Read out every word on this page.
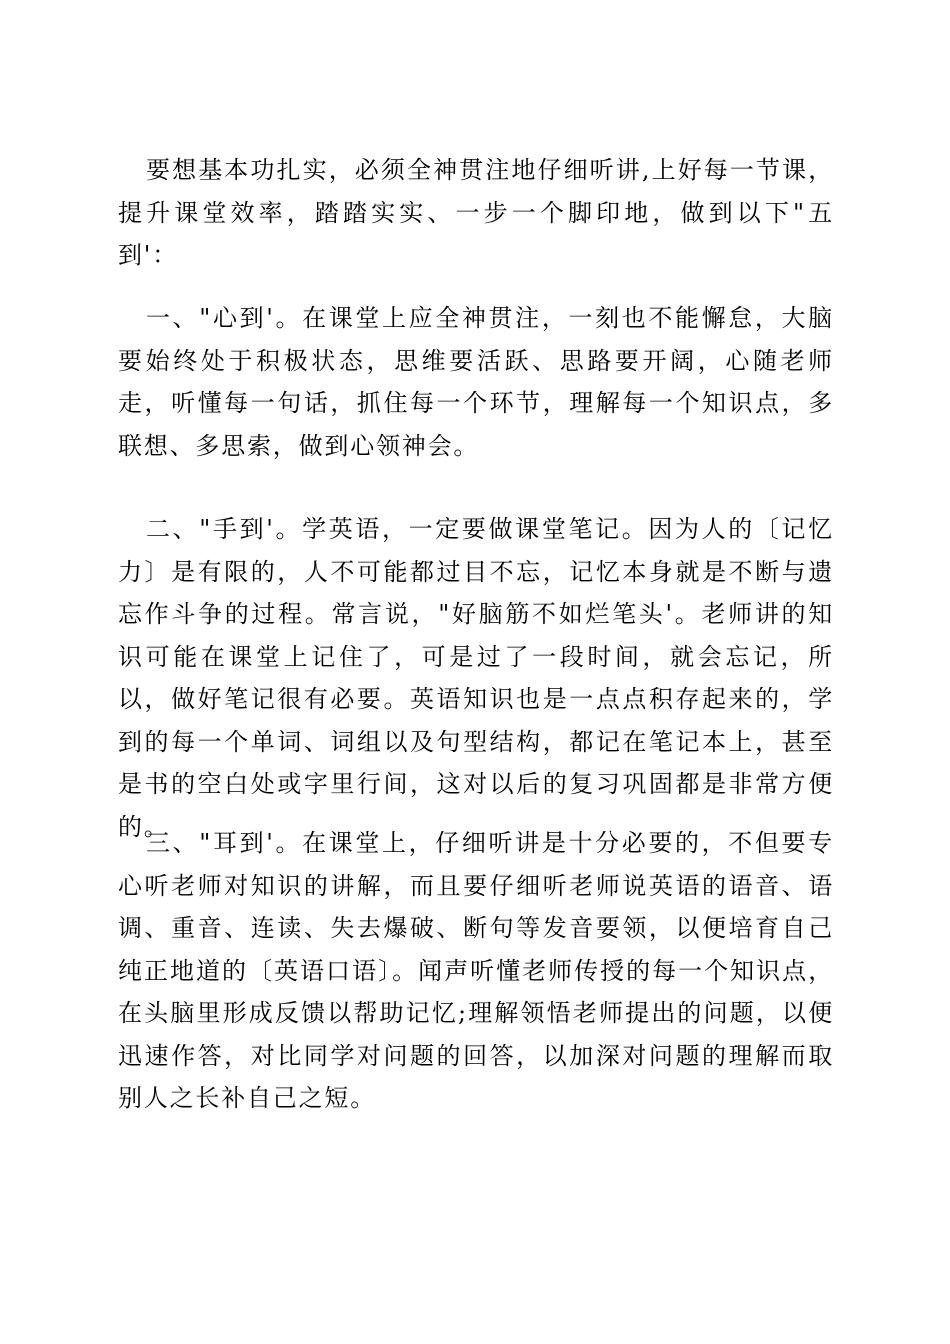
要想基本功扎实，必须全神贯注地仔细听讲,上好每一节课，提升课堂效率，踏踏实实、一步一个脚印地，做到以下"五到'：

一、"心到'。在课堂上应全神贯注，一刻也不能懈怠，大脑要始终处于积极状态，思维要活跃、思路要开阔，心随老师走，听懂每一句话，抓住每一个环节，理解每一个知识点，多联想、多思索，做到心领神会。

二、"手到'。学英语，一定要做课堂笔记。因为人的〔记忆力〕是有限的，人不可能都过目不忘，记忆本身就是不断与遗忘作斗争的过程。常言说，"好脑筋不如烂笔头'。老师讲的知识可能在课堂上记住了，可是过了一段时间，就会忘记，所以，做好笔记很有必要。英语知识也是一点点积存起来的，学到的每一个单词、词组以及句型结构，都记在笔记本上，甚至是书的空白处或字里行间，这对以后的复习巩固都是非常方便的。

三、"耳到'。在课堂上，仔细听讲是十分必要的，不但要专心听老师对知识的讲解，而且要仔细听老师说英语的语音、语调、重音、连读、失去爆破、断句等发音要领，以便培育自己纯正地道的〔英语口语〕。闻声听懂老师传授的每一个知识点，在头脑里形成反馈以帮助记忆;理解领悟老师提出的问题，以便迅速作答，对比同学对问题的回答，以加深对问题的理解而取别人之长补自己之短。
